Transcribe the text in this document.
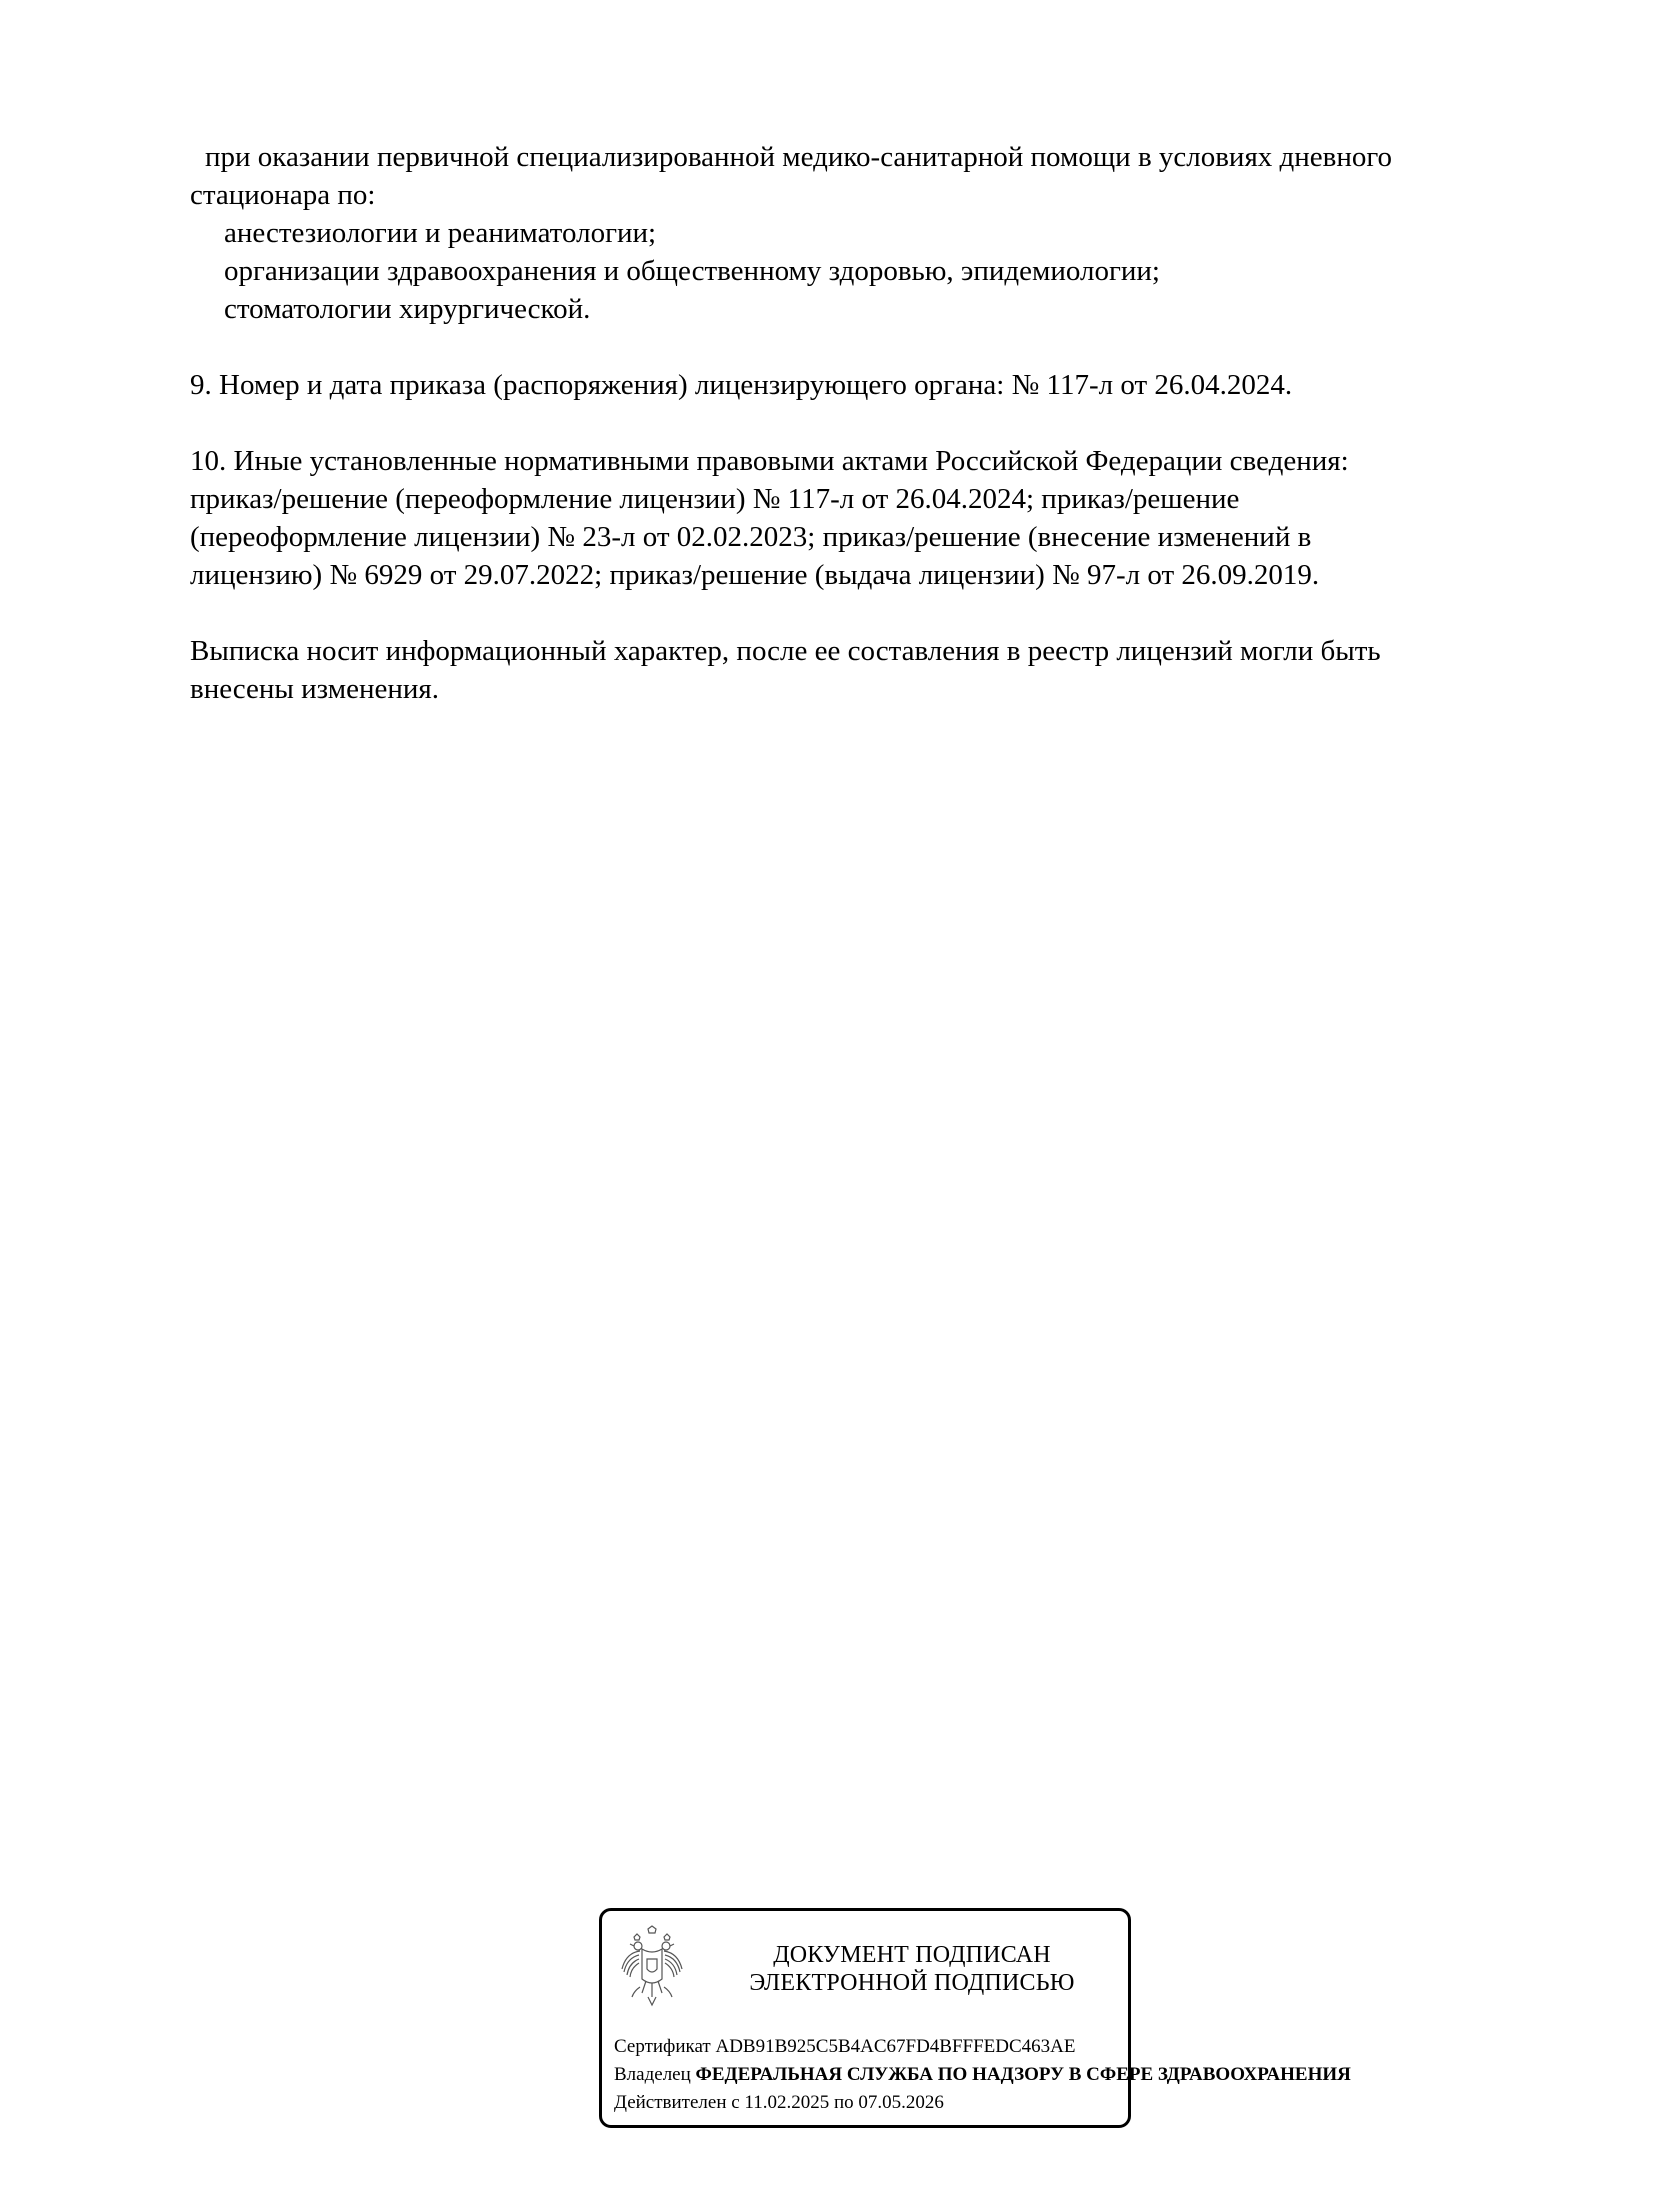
при оказании первичной специализированной медико-санитарной помощи в условиях дневного
стационара по:
анестезиологии и реаниматологии;
организации здравоохранения и общественному здоровью, эпидемиологии;
стоматологии хирургической.
9. Номер и дата приказа (распоряжения) лицензирующего органа: № 117-л от 26.04.2024.
10. Иные установленные нормативными правовыми актами Российской Федерации сведения:
приказ/решение (переоформление лицензии) № 117-л от 26.04.2024; приказ/решение
(переоформление лицензии) № 23-л от 02.02.2023; приказ/решение (внесение изменений в
лицензию) № 6929 от 29.07.2022; приказ/решение (выдача лицензии) № 97-л от 26.09.2019.
Выписка носит информационный характер, после ее составления в реестр лицензий могли быть
внесены изменения.
ДОКУМЕНТ ПОДПИСАН
ЭЛЕКТРОННОЙ ПОДПИСЬЮ
Сертификат ADB91B925C5B4AC67FD4BFFFEDC463AE
Владелец ФЕДЕРАЛЬНАЯ СЛУЖБА ПО НАДЗОРУ В СФЕРЕ ЗДРАВООХРАНЕНИЯ
Действителен с 11.02.2025 по 07.05.2026
